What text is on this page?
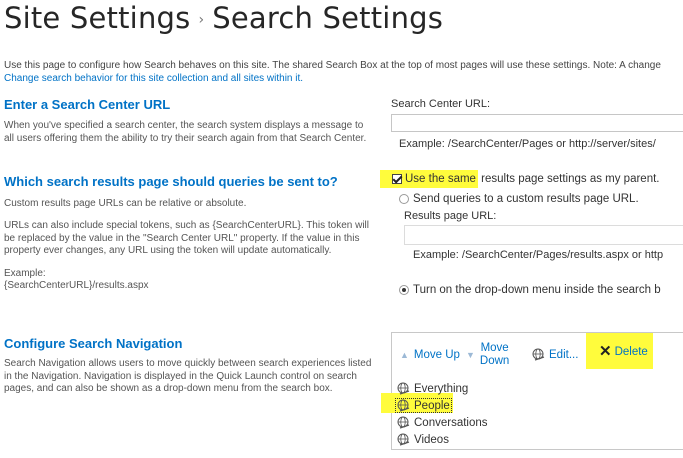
Site Settings › Search Settings
Use this page to configure how Search behaves on this site. The shared Search Box at the top of most pages will use these settings. Note: A change
Change search behavior for this site collection and all sites within it.
Enter a Search Center URL
When you've specified a search center, the search system displays a message to all users offering them the ability to try their search again from that Search Center.
Search Center URL:
Example: /SearchCenter/Pages or http://server/sites/
Which search results page should queries be sent to?
Custom results page URLs can be relative or absolute.
URLs can also include special tokens, such as {SearchCenterURL}. This token will be replaced by the value in the "Search Center URL" property. If the value in this property ever changes, any URL using the token will update automatically.
Example:
{SearchCenterURL}/results.aspx
Use the same results page settings as my parent.
Send queries to a custom results page URL.
Results page URL:
Example: /SearchCenter/Pages/results.aspx or http
Turn on the drop-down menu inside the search b
Configure Search Navigation
Search Navigation allows users to move quickly between search experiences listed in the Navigation. Navigation is displayed in the Quick Launch control on search pages, and can also be shown as a drop-down menu from the search box.
▲ Move Up ▼
Move
Down
Edit... ✕ Delete
Everything
People
Conversations
Videos
